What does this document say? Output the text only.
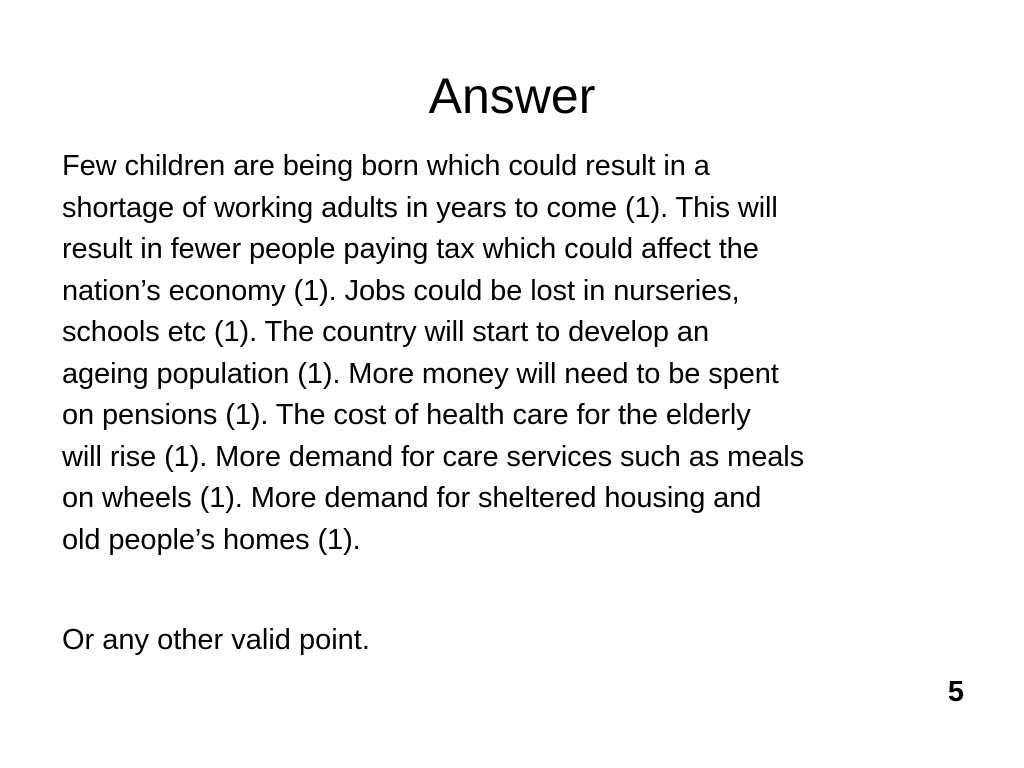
Answer

Few children are being born which could result in a
shortage of working adults in years to come (1). This will
result in fewer people paying tax which could affect the
nation’s economy (1). Jobs could be lost in nurseries,
schools etc (1). The country will start to develop an
ageing population (1). More money will need to be spent
on pensions (1). The cost of health care for the elderly
will rise (1). More demand for care services such as meals
on wheels (1). More demand for sheltered housing and
old people’s homes (1).

Or any other valid point.

5
